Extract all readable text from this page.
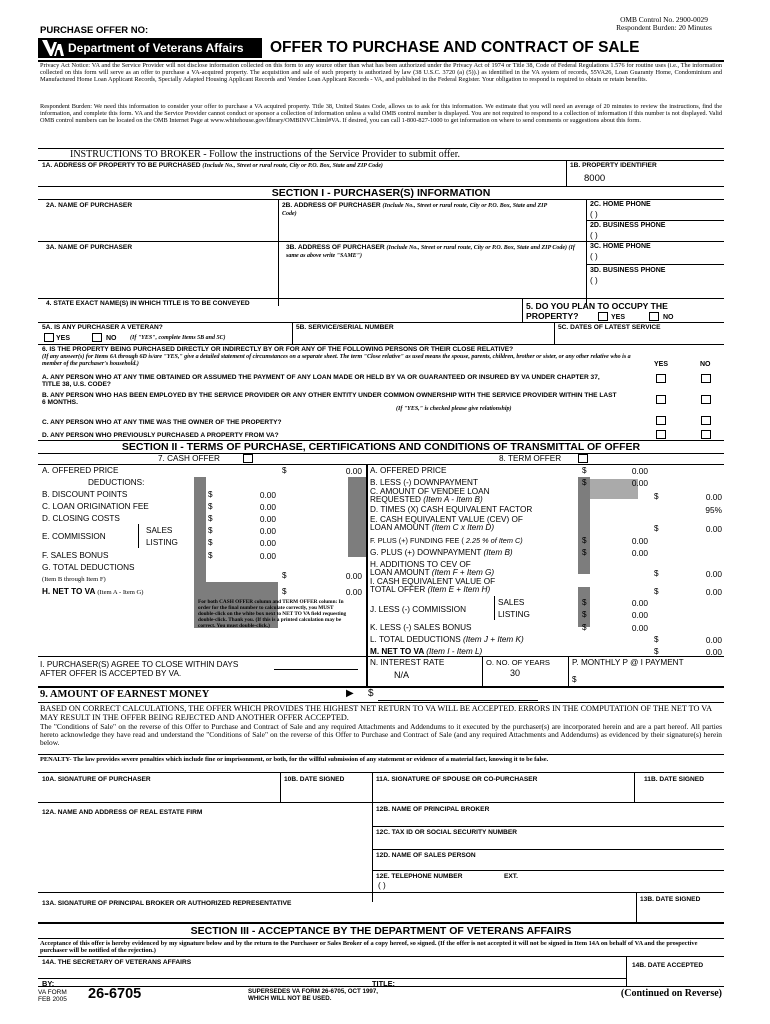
OMB Control No. 2900-0029
Respondent Burden: 20 Minutes
PURCHASE OFFER NO:
Department of Veterans Affairs OFFER TO PURCHASE AND CONTRACT OF SALE
Privacy Act Notice: VA and the Service Provider will not disclose information collected on this form to any source other than what has been authorized under the Privacy Act of 1974 or Title 38, Code of Federal Regulations 1.576 for routine uses (i.e., The information collected on this form will serve as an offer to purchase a VA-acquired property. The acquisition and sale of such property is authorized by law (38 U.S.C. 3720 (a) (5)).) as identified in the VA system of records, 55VA26, Loan Guaranty Home, Condominium and Manufactured Home Loan Applicant Records, Specially Adapted Housing Applicant Records and Vendee Loan Applicant Records - VA, and published in the Federal Register. Your obligation to respond is required to obtain or retain benefits.
Respondent Burden: We need this information to consider your offer to purchase a VA acquired property. Title 38, United States Code, allows us to ask for this information. We estimate that you will need an average of 20 minutes to review the instructions, find the information, and complete this form. VA and the Service Provider cannot conduct or sponsor a collection of information unless a valid OMB control number is displayed. You are not required to respond to a collection of information if this number is not displayed. Valid OMB control numbers can be located on the OMB Internet Page at www.whitehouse.gov/library/OMBINVC.html#VA. If desired, you can call 1-800-827-1000 to get information on where to send comments or suggestions about this form.
INSTRUCTIONS TO BROKER - Follow the instructions of the Service Provider to submit offer.
1A. ADDRESS OF PROPERTY TO BE PURCHASED (Include No., Street or rural route, City or P.O. Box, State and ZIP Code)	1B. PROPERTY IDENTIFIER
8000
SECTION I - PURCHASER(S) INFORMATION
2A. NAME OF PURCHASER	2B. ADDRESS OF PURCHASER (Include No., Street or rural route, City or P.O. Box, State and ZIP Code)
2C. HOME PHONE
( )
2D. BUSINESS PHONE
( )
3A. NAME OF PURCHASER	3B. ADDRESS OF PURCHASER (Include No., Street or rural route, City or P.O. Box, State and ZIP Code) (If same as above write "SAME")
3C. HOME PHONE
( )
3D. BUSINESS PHONE
( )
4. STATE EXACT NAME(S) IN WHICH TITLE IS TO BE CONVEYED	5. DO YOU PLAN TO OCCUPY THE PROPERTY?	YES	NO
5A. IS ANY PURCHASER A VETERAN?
YES	NO (If "YES", complete Items 5B and 5C)
5B. SERVICE/SERIAL NUMBER	5C. DATES OF LATEST SERVICE
6. IS THE PROPERTY BEING PURCHASED DIRECTLY OR INDIRECTLY BY OR FOR ANY OF THE FOLLOWING PERSONS OR THEIR CLOSE RELATIVE?
(If any answer(s) for Items 6A through 6D is/are "YES," give a detailed statement of circumstances on a separate sheet. The term "Close relative" as used means the spouse, parents, children, brother or sister, or any other relative who is a member of the purchaser's household.)	YES	NO
A. ANY PERSON WHO AT ANY TIME OBTAINED OR ASSUMED THE PAYMENT OF ANY LOAN MADE OR HELD BY VA OR GUARANTEED OR INSURED BY VA UNDER CHAPTER 37, TITLE 38, U.S. CODE?
B. ANY PERSON WHO HAS BEEN EMPLOYED BY THE SERVICE PROVIDER OR ANY OTHER ENTITY UNDER COMMON OWNERSHIP WITH THE SERVICE PROVIDER WITHIN THE LAST 6 MONTHS.
(If "YES," is checked please give relationship)
C. ANY PERSON WHO AT ANY TIME WAS THE OWNER OF THE PROPERTY?
D. ANY PERSON WHO PREVIOUSLY PURCHASED A PROPERTY FROM VA?
SECTION II - TERMS OF PURCHASE, CERTIFICATIONS AND CONDITIONS OF TRANSMITTAL OF OFFER
7. CASH OFFER	8. TERM OFFER
A. OFFERED PRICE	$	0.00
DEDUCTIONS:
B. DISCOUNT POINTS	$	0.00
C. LOAN ORIGINATION FEE	$	0.00
D. CLOSING COSTS	$	0.00
E. COMMISSION
SALES	$	0.00
LISTING	$	0.00
F. SALES BONUS	$	0.00
G. TOTAL DEDUCTIONS
(Item B through Item F)	$	0.00
H. NET TO VA (Item A - Item G)	$	0.00
For both CASH OFFER column and TERM OFFER column: In order for the final number to calculate correctly, you MUST double-click on the white box next to NET TO VA field requesting double-click. Thank you. (If this is a printed calculation may be correct. You must double-click.)
A. OFFERED PRICE	$	0.00
B. LESS (-) DOWNPAYMENT	$	0.00
C. AMOUNT OF VENDEE LOAN
REQUESTED (Item A - Item B)	$	0.00
D. TIMES (X) CASH EQUIVALENT FACTOR	95%
E. CASH EQUIVALENT VALUE (CEV) OF
LOAN AMOUNT (Item C x Item D)	$	0.00
F. PLUS (+) FUNDING FEE ( 2.25 % of Item C)	$	0.00
G. PLUS (+) DOWNPAYMENT (Item B)	$	0.00
H. ADDITIONS TO CEV OF
LOAN AMOUNT (Item F + Item G)	$	0.00
I. CASH EQUIVALENT VALUE OF
TOTAL OFFER (Item E + Item H)	$	0.00
J. LESS (-) COMMISSION
SALES	$	0.00
LISTING	$	0.00
K. LESS (-) SALES BONUS	$	0.00
L. TOTAL DEDUCTIONS (Item J + Item K)	$	0.00
M. NET TO VA (Item I - Item L)	$	0.00
N. INTEREST RATE
N/A
O. NO. OF YEARS
30
P. MONTHLY P @ I PAYMENT
$
I. PURCHASER(S) AGREE TO CLOSE WITHIN DAYS AFTER OFFER IS ACCEPTED BY VA.
9. AMOUNT OF EARNEST MONEY	▶ $
BASED ON CORRECT CALCULATIONS, THE OFFER WHICH PROVIDES THE HIGHEST NET RETURN TO VA WILL BE ACCEPTED. ERRORS IN THE COMPUTATION OF THE NET TO VA MAY RESULT IN THE OFFER BEING REJECTED AND ANOTHER OFFER ACCEPTED.
The "Conditions of Sale" on the reverse of this Offer to Purchase and Contract of Sale and any required Attachments and Addendums to it executed by the purchaser(s) are incorporated herein and are a part hereof. All parties hereto acknowledge they have read and understand the "Conditions of Sale" on the reverse of this Offer to Purchase and Contract of Sale (and any required Attachments and Addendums) as evidenced by their signature(s) herein below.
PENALTY- The law provides severe penalties which include fine or imprisonment, or both, for the willful submission of any statement or evidence of a material fact, knowing it to be false.
10A. SIGNATURE OF PURCHASER	10B. DATE SIGNED	11A. SIGNATURE OF SPOUSE OR CO-PURCHASER	11B. DATE SIGNED
12A. NAME AND ADDRESS OF REAL ESTATE FIRM	12B. NAME OF PRINCIPAL BROKER
12C. TAX ID OR SOCIAL SECURITY NUMBER
12D. NAME OF SALES PERSON
12E. TELEPHONE NUMBER	EXT.
( )
13A. SIGNATURE OF PRINCIPAL BROKER OR AUTHORIZED REPRESENTATIVE
13B. DATE SIGNED
SECTION III - ACCEPTANCE BY THE DEPARTMENT OF VETERANS AFFAIRS
Acceptance of this offer is hereby evidenced by my signature below and by the return to the Purchaser or Sales Broker of a copy hereof, so signed. (If the offer is not accepted it will not be signed in Item 14A on behalf of VA and the prospective purchaser will be notified of the rejection.)
14A. THE SECRETARY OF VETERANS AFFAIRS	14B. DATE ACCEPTED
BY:	TITLE:
VA FORM
FEB 2005 26-6705	SUPERSEDES VA FORM 26-6705, OCT 1997,
WHICH WILL NOT BE USED.	(Continued on Reverse)
